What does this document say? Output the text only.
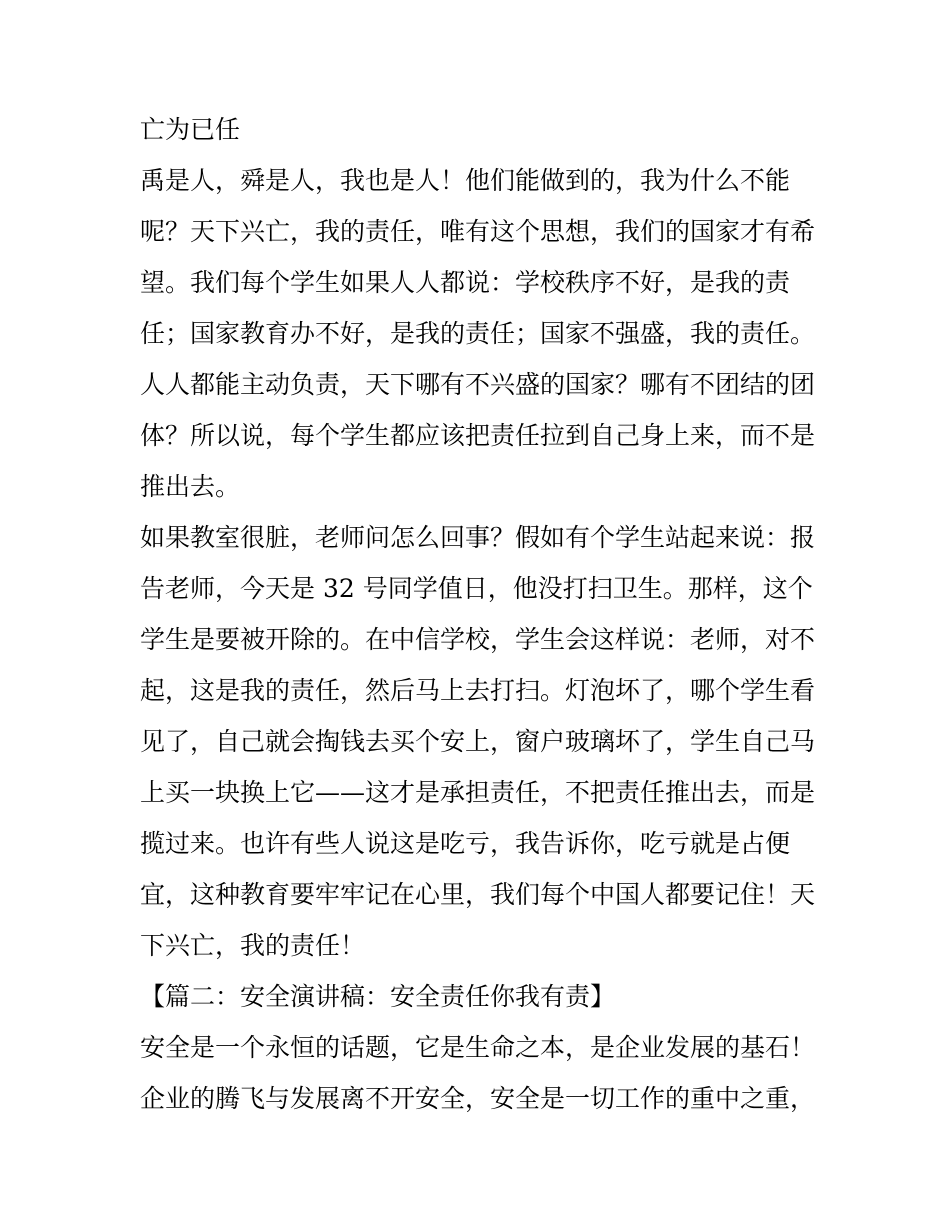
亡为已任
禹是人，舜是人，我也是人！他们能做到的，我为什么不能
呢？天下兴亡，我的责任，唯有这个思想，我们的国家才有希
望。我们每个学生如果人人都说：学校秩序不好，是我的责
任；国家教育办不好，是我的责任；国家不强盛，我的责任。
人人都能主动负责，天下哪有不兴盛的国家？哪有不团结的团
体？所以说，每个学生都应该把责任拉到自己身上来，而不是
推出去。
如果教室很脏，老师问怎么回事？假如有个学生站起来说：报
告老师，今天是 32 号同学值日，他没打扫卫生。那样，这个
学生是要被开除的。在中信学校，学生会这样说：老师，对不
起，这是我的责任，然后马上去打扫。灯泡坏了，哪个学生看
见了，自己就会掏钱去买个安上，窗户玻璃坏了，学生自己马
上买一块换上它——这才是承担责任，不把责任推出去，而是
揽过来。也许有些人说这是吃亏，我告诉你，吃亏就是占便
宜，这种教育要牢牢记在心里，我们每个中国人都要记住！天
下兴亡，我的责任！
【篇二：安全演讲稿：安全责任你我有责】
安全是一个永恒的话题，它是生命之本，是企业发展的基石！
企业的腾飞与发展离不开安全，安全是一切工作的重中之重，
